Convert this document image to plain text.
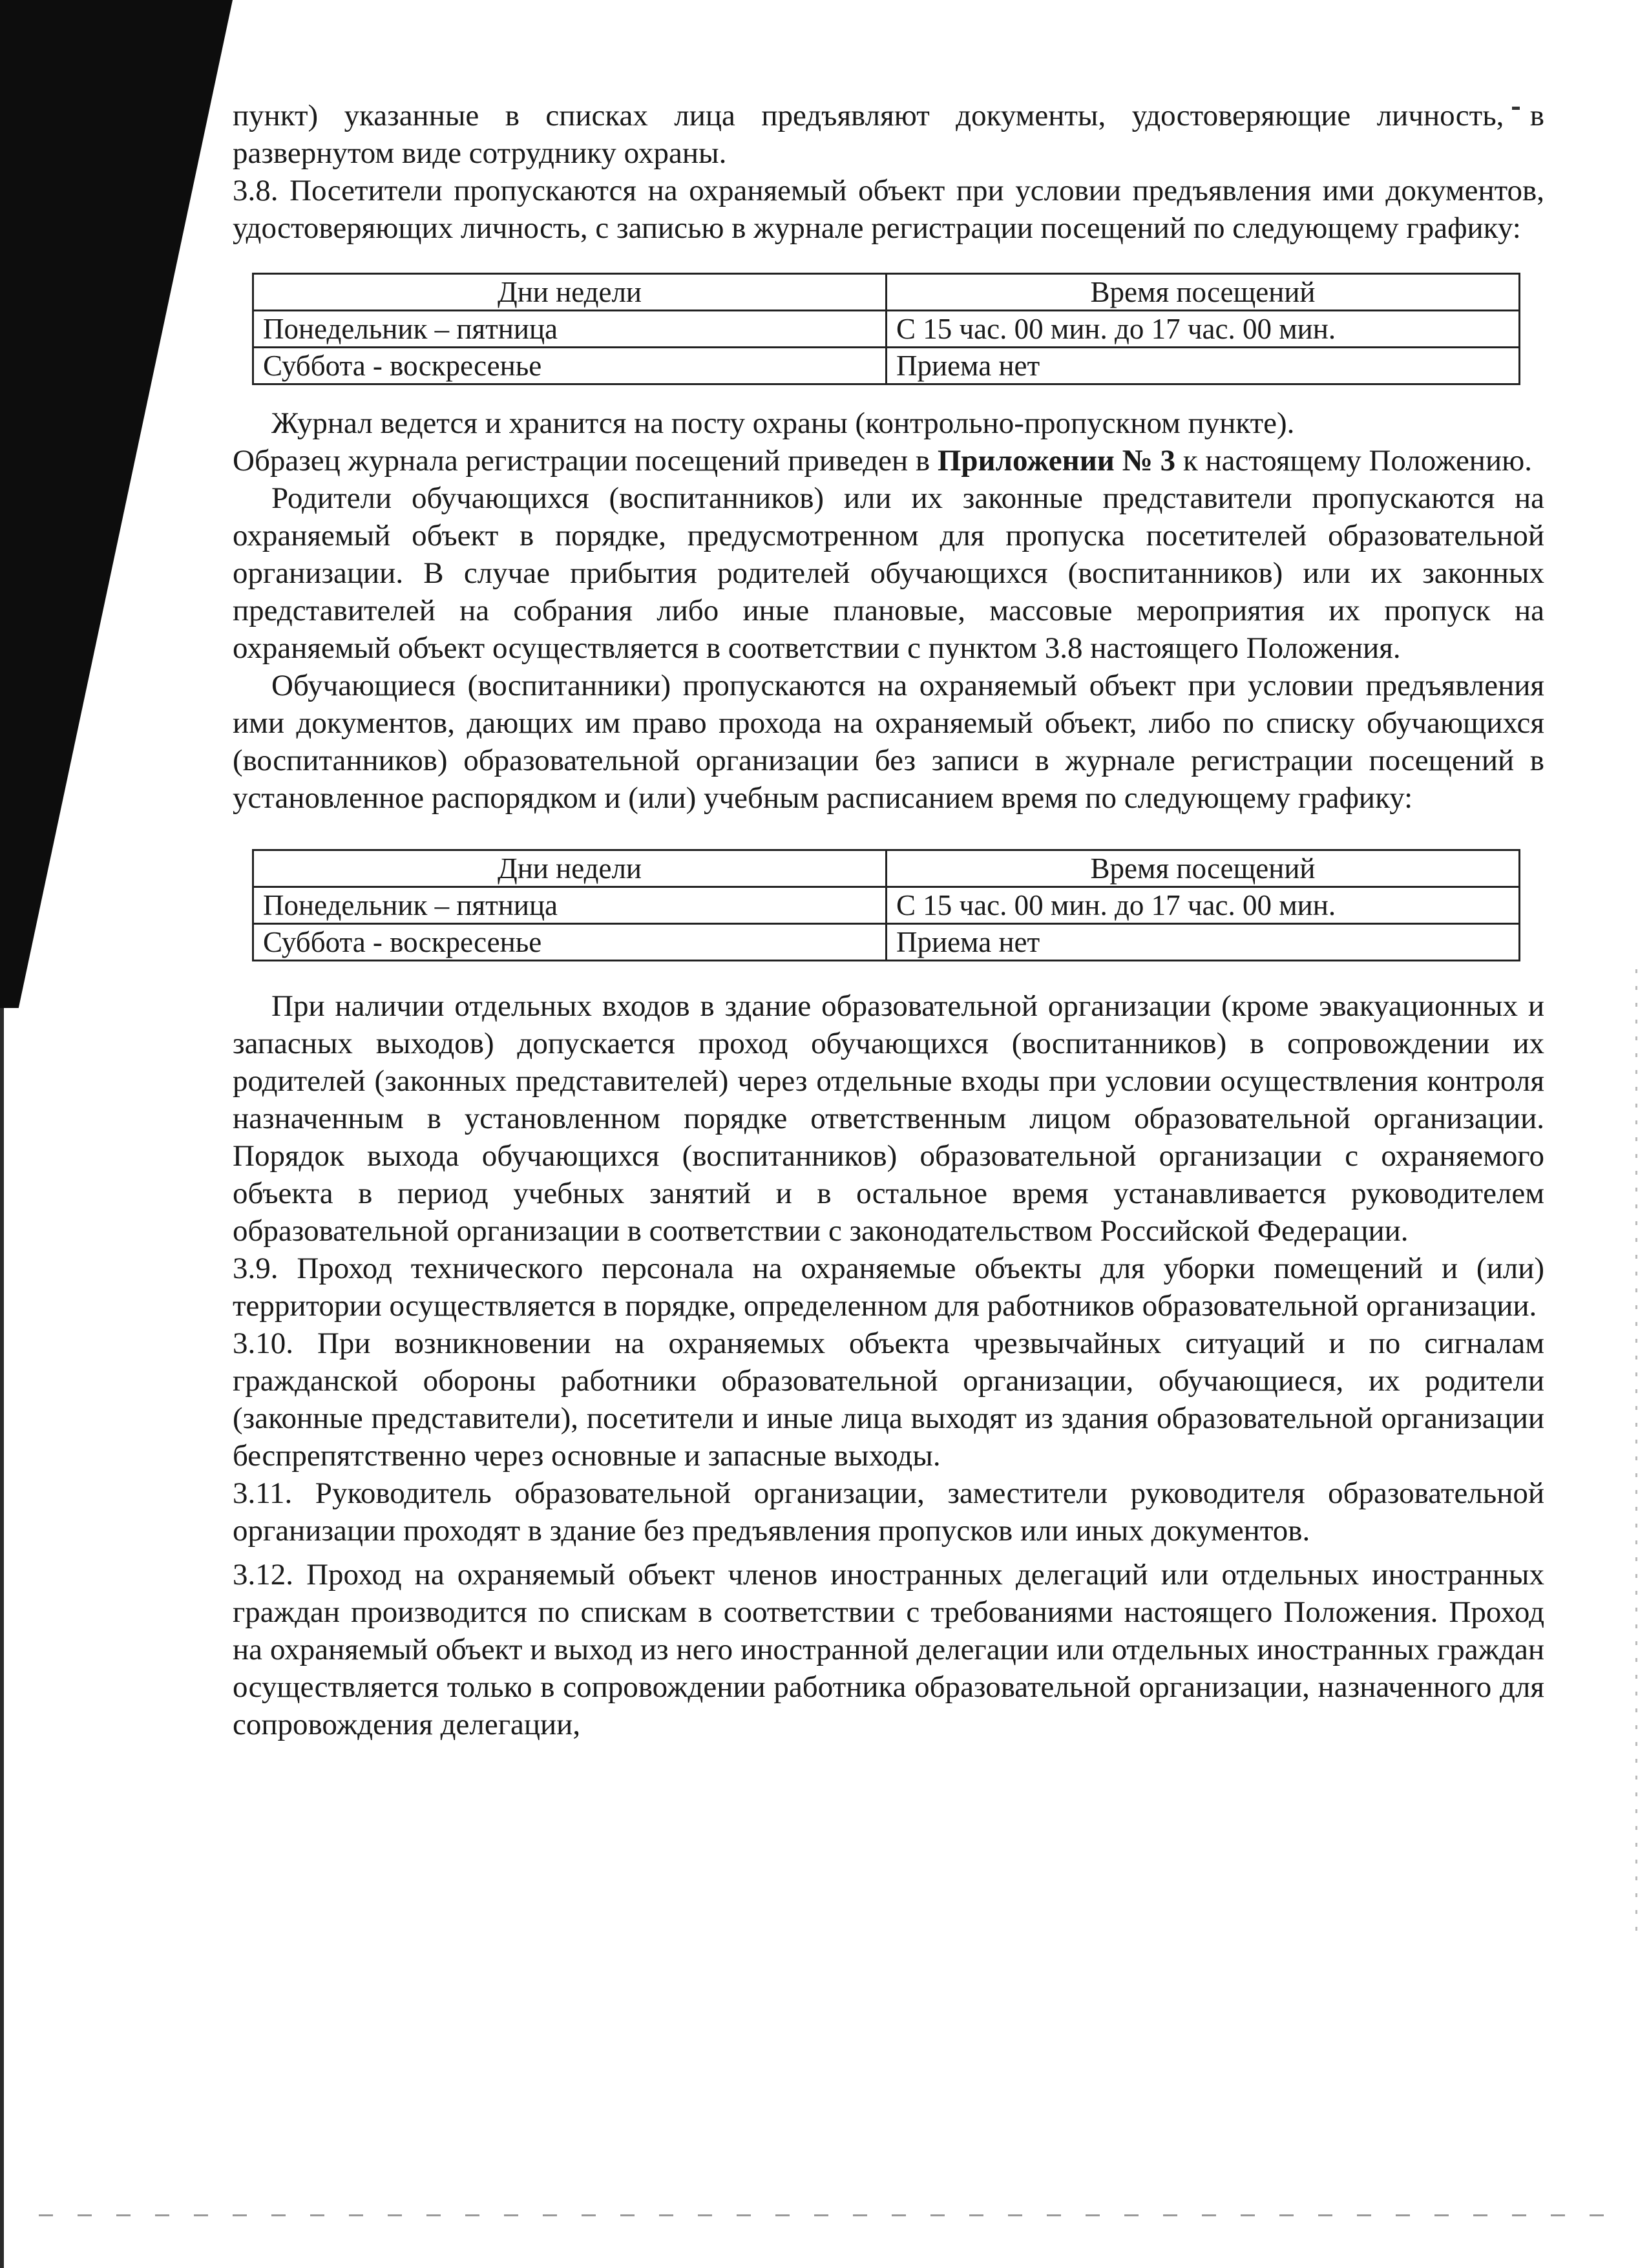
пункт) указанные в списках лица предъявляют документы, удостоверяющие личность, в развернутом виде сотруднику охраны.

3.8. Посетители пропускаются на охраняемый объект при условии предъявления ими документов, удостоверяющих личность, с записью в журнале регистрации посещений по следующему графику:

Дни недели	Время посещений
Понедельник – пятница	С 15 час. 00 мин. до 17 час. 00 мин.
Суббота - воскресенье	Приема нет

Журнал ведется и хранится на посту охраны (контрольно-пропускном пункте).

Образец журнала регистрации посещений приведен в Приложении № 3 к настоящему Положению.

Родители обучающихся (воспитанников) или их законные представители пропускаются на охраняемый объект в порядке, предусмотренном для пропуска посетителей образовательной организации. В случае прибытия родителей обучающихся (воспитанников) или их законных представителей на собрания либо иные плановые, массовые мероприятия их пропуск на охраняемый объект осуществляется в соответствии с пунктом 3.8 настоящего Положения.

Обучающиеся (воспитанники) пропускаются на охраняемый объект при условии предъявления ими документов, дающих им право прохода на охраняемый объект, либо по списку обучающихся (воспитанников) образовательной организации без записи в журнале регистрации посещений в установленное распорядком и (или) учебным расписанием время по следующему графику:

Дни недели	Время посещений
Понедельник – пятница	С 15 час. 00 мин. до 17 час. 00 мин.
Суббота - воскресенье	Приема нет

При наличии отдельных входов в здание образовательной организации (кроме эвакуационных и запасных выходов) допускается проход обучающихся (воспитанников) в сопровождении их родителей (законных представителей) через отдельные входы при условии осуществления контроля назначенным в установленном порядке ответственным лицом образовательной организации. Порядок выхода обучающихся (воспитанников) образовательной организации с охраняемого объекта в период учебных занятий и в остальное время устанавливается руководителем образовательной организации в соответствии с законодательством Российской Федерации.

3.9. Проход технического персонала на охраняемые объекты для уборки помещений и (или) территории осуществляется в порядке, определенном для работников образовательной организации.

3.10. При возникновении на охраняемых объекта чрезвычайных ситуаций и по сигналам гражданской обороны работники образовательной организации, обучающиеся, их родители (законные представители), посетители и иные лица выходят из здания образовательной организации беспрепятственно через основные и запасные выходы.

3.11. Руководитель образовательной организации, заместители руководителя образовательной организации проходят в здание без предъявления пропусков или иных документов.

3.12. Проход на охраняемый объект членов иностранных делегаций или отдельных иностранных граждан производится по спискам в соответствии с требованиями настоящего Положения. Проход на охраняемый объект и выход из него иностранной делегации или отдельных иностранных граждан осуществляется только в сопровождении работника образовательной организации, назначенного для сопровождения делегации,
